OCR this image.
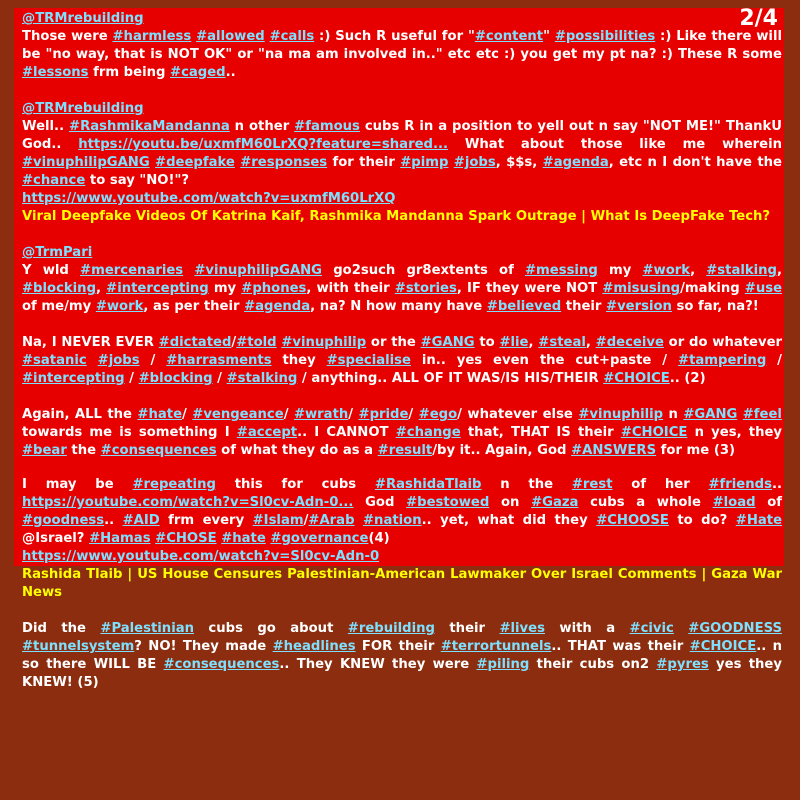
2/4
@TRMrebuilding
Those were #harmless #allowed #calls :) Such R useful for "#content" #possibilities :) Like there will be "no way, that is NOT OK" or "na ma am involved in.." etc etc :) you get my pt na? :) These R some #lessons frm being #caged..
@TRMrebuilding
Well.. #RashmikaMandanna n other #famous cubs R in a position to yell out n say "NOT ME!" ThankU God.. https://youtu.be/uxmfM60LrXQ?feature=shared... What about those like me wherein #vinuphilipGANG #deepfake #responses for their #pimp #jobs, $$s, #agenda, etc n I don't have the #chance to say "NO!"?
https://www.youtube.com/watch?v=uxmfM60LrXQ
Viral Deepfake Videos Of Katrina Kaif, Rashmika Mandanna Spark Outrage | What Is DeepFake Tech?
@TrmPari
Y wld #mercenaries #vinuphilipGANG go2such gr8extents of #messing my #work, #stalking, #blocking, #intercepting my #phones, with their #stories, IF they were NOT #misusing/making #use of me/my #work, as per their #agenda, na? N how many have #believed their #version so far, na?!
Na, I NEVER EVER #dictated/#told #vinuphilip or the #GANG to #lie, #steal, #deceive or do whatever #satanic #jobs / #harrasments they #specialise in.. yes even the cut+paste / #tampering / #intercepting / #blocking / #stalking / anything.. ALL OF IT WAS/IS HIS/THEIR #CHOICE.. (2)
Again, ALL the #hate/ #vengeance/ #wrath/ #pride/ #ego/ whatever else #vinuphilip n #GANG #feel towards me is something I #accept.. I CANNOT #change that, THAT IS their #CHOICE n yes, they #bear the #consequences of what they do as a #result/by it.. Again, God #ANSWERS for me (3)
I may be #repeating this for cubs #RashidaTlaib n the #rest of her #friends.. https://youtube.com/watch?v=Sl0cv-Adn-0... God #bestowed on #Gaza cubs a whole #load of #goodness.. #AID frm every #Islam/#Arab #nation.. yet, what did they #CHOOSE to do? #Hate @Israel? #Hamas #CHOSE #hate #governance(4)
https://www.youtube.com/watch?v=Sl0cv-Adn-0
Rashida Tlaib | US House Censures Palestinian-American Lawmaker Over Israel Comments | Gaza War News
Did the #Palestinian cubs go about #rebuilding their #lives with a #civic #GOODNESS #tunnelsystem? NO! They made #headlines FOR their #terrortunnels.. THAT was their #CHOICE.. n so there WILL BE #consequences.. They KNEW they were #piling their cubs on2 #pyres yes they KNEW! (5)
